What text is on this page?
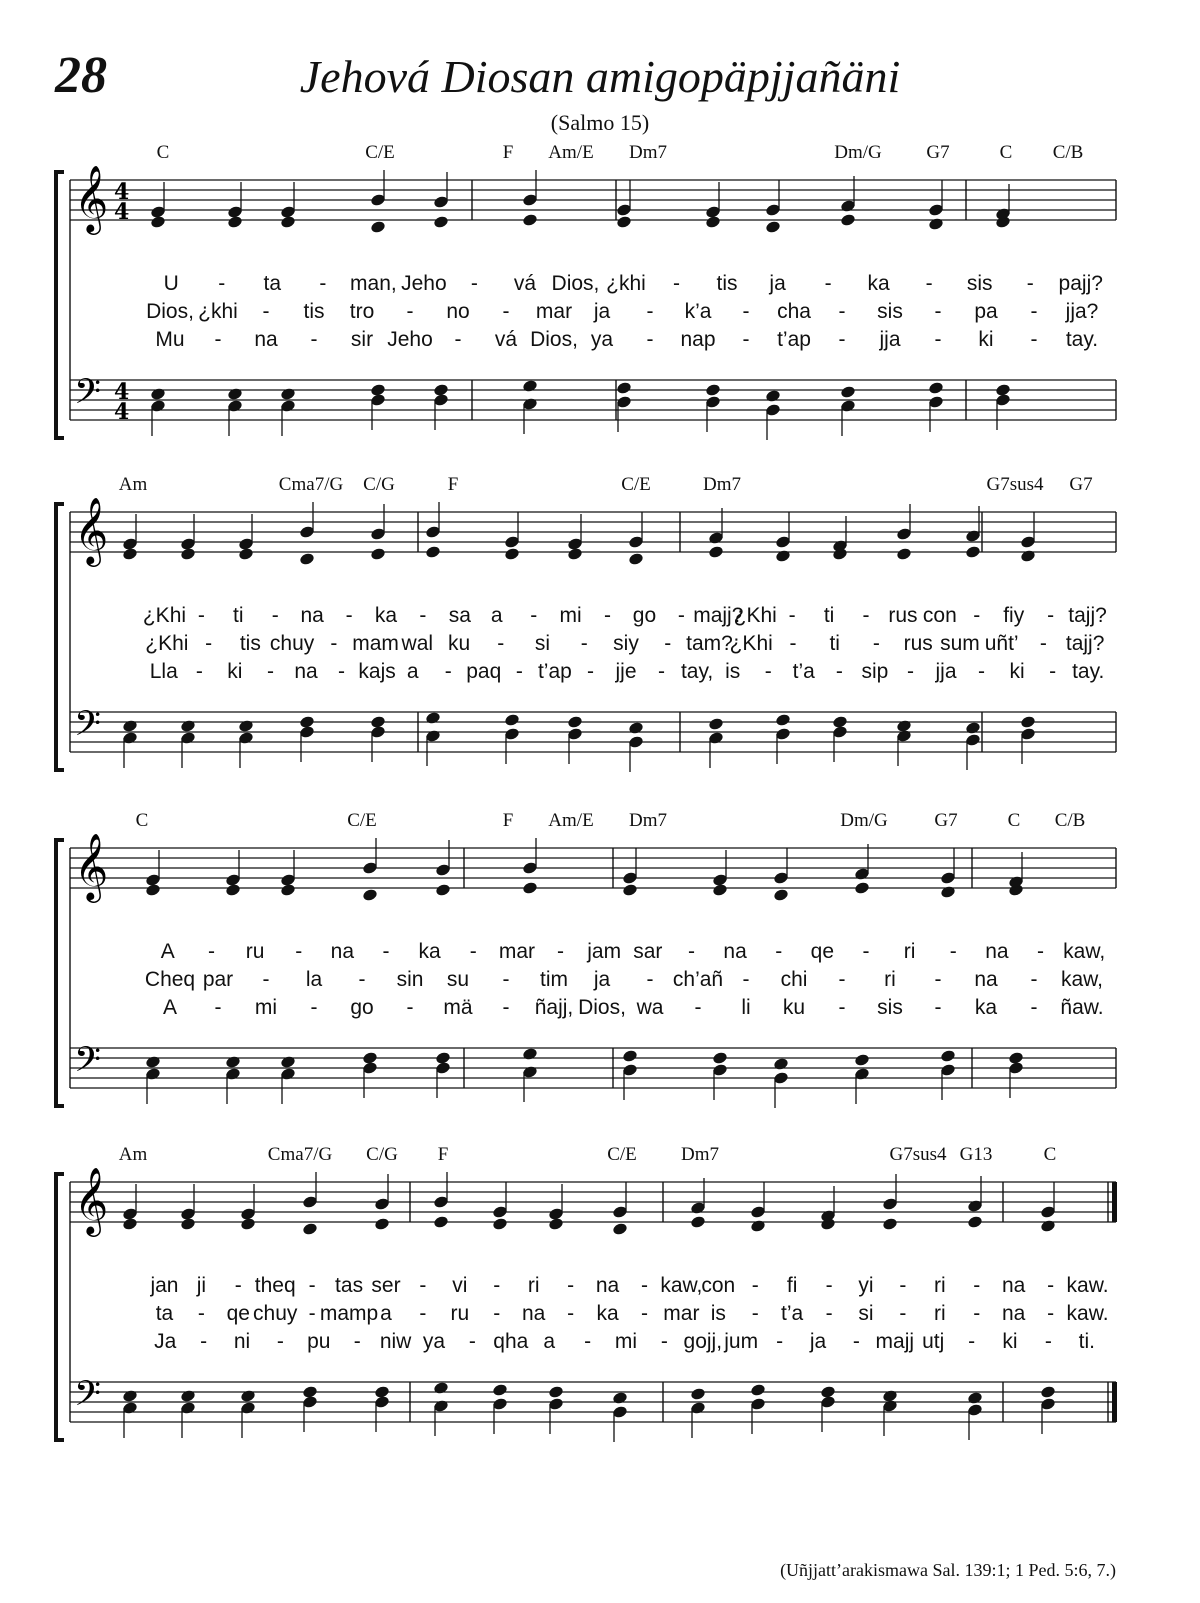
28	Jehová Diosan amigopäpjjañäni
(Salmo 15)
𝄞 4
4
𝄢 4
4
C	C/E	F Am/E Dm7	Dm/G G7	C C/B
U - ta - man, Jeho - vá Dios, ¿khi - tis ja - ka - sis - pajj?
Dios, ¿khi - tis tro - no - mar ja - k’a - cha - sis - pa - jja?
Mu - na - sir Jeho - vá Dios, ya - nap - t’ap - jja - ki - tay.
𝄞
𝄢
Am	Cma7/G C/G	F	C/E	Dm7	G7sus4 G7
¿Khi - ti - na - ka - sa a - mi - go - majj?
¿Khi - ti - rus con - fiy - tajj?
¿Khi - tis chuy - mam wal ku - si - siy - tam?
¿Khi - ti - rus sum uñt’ - tajj?
Lla - ki - na - kajs a - paq - t’ap - jje - tay, is - t’a - sip - jja - ki - tay.
𝄞
𝄢
C	C/E	F Am/E Dm7	Dm/G G7	C C/B
A - ru - na - ka - mar - jam sar - na - qe - ri - na - kaw,
Cheq par - la - sin su - tim ja - ch’añ - chi - ri - na - kaw,
A - mi - go - mä - ñajj, Dios, wa - li ku - sis - ka - ñaw.
𝄞
𝄢
Am	Cma7/G C/G F	C/E Dm7	G7sus4 G13	C
jan ji - theq - tas ser - vi - ri - na - kaw,
con - fi - yi - ri - na - kaw.
ta - qe chuy - mamp a - ru - na - ka - mar is - t’a - si - ri - na - kaw.
Ja - ni - pu - niw ya - qha a - mi - gojj, jum - ja - majj utj - ki - ti.
(Uñjjatt’arakismawa Sal. 139:1; 1 Ped. 5:6, 7.)
